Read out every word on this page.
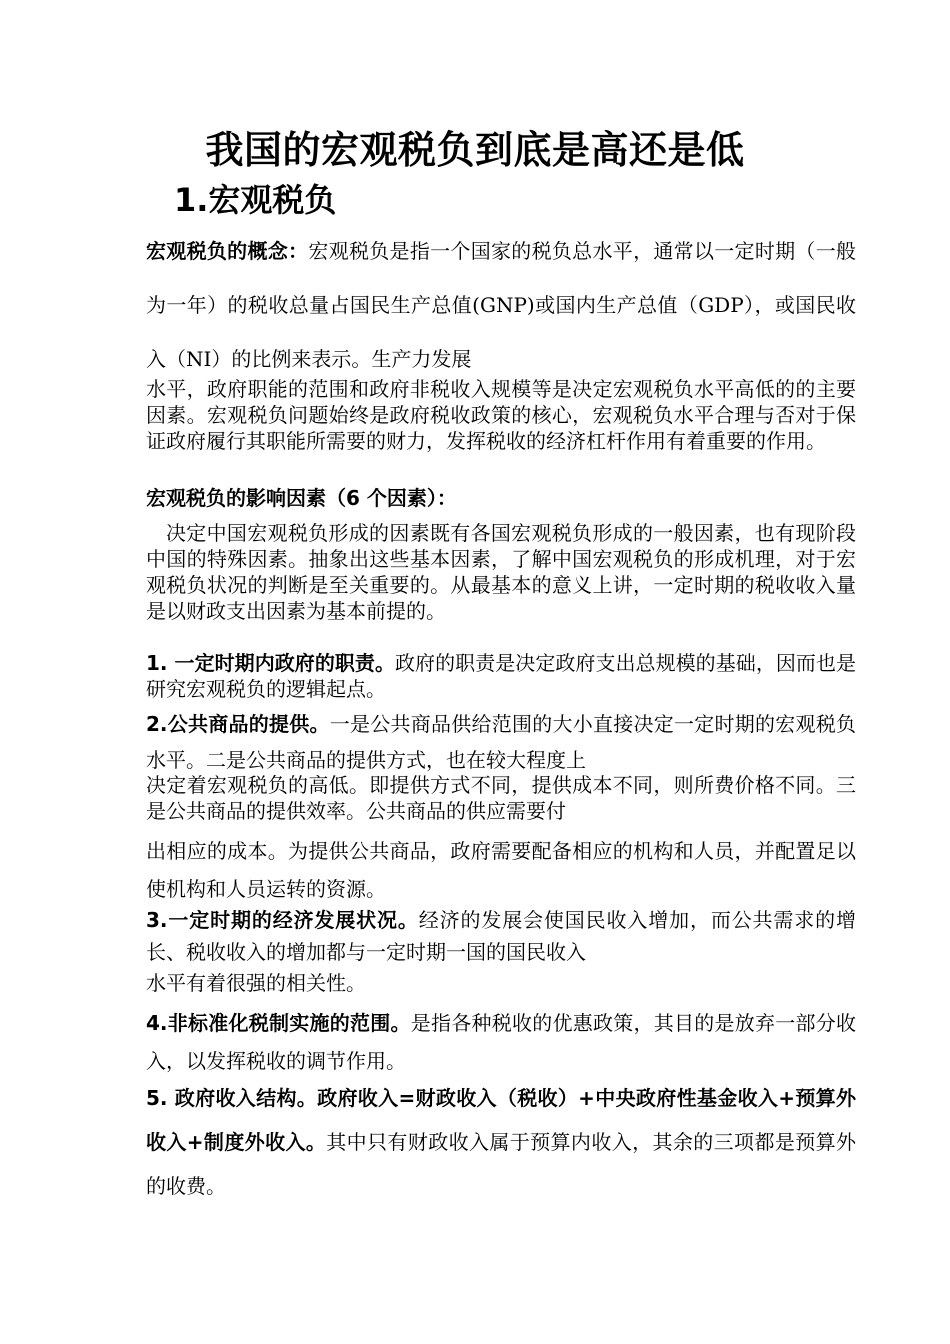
我国的宏观税负到底是高还是低
1.宏观税负

宏观税负的概念：宏观税负是指一个国家的税负总水平，通常以一定时期（一般为一年）的税收总量占国民生产总值(GNP)或国内生产总值（GDP），或国民收入（NI）的比例来表示。生产力发展

水平，政府职能的范围和政府非税收入规模等是决定宏观税负水平高低的的主要因素。宏观税负问题始终是政府税收政策的核心，宏观税负水平合理与否对于保证政府履行其职能所需要的财力，发挥税收的经济杠杆作用有着重要的作用。

宏观税负的影响因素（6 个因素）：

决定中国宏观税负形成的因素既有各国宏观税负形成的一般因素，也有现阶段中国的特殊因素。抽象出这些基本因素，了解中国宏观税负的形成机理，对于宏观税负状况的判断是至关重要的。从最基本的意义上讲，一定时期的税收收入量是以财政支出因素为基本前提的。

1. 一定时期内政府的职责。政府的职责是决定政府支出总规模的基础，因而也是研究宏观税负的逻辑起点。

2.公共商品的提供。一是公共商品供给范围的大小直接决定一定时期的宏观税负水平。二是公共商品的提供方式，也在较大程度上

决定着宏观税负的高低。即提供方式不同，提供成本不同，则所费价格不同。三是公共商品的提供效率。公共商品的供应需要付

出相应的成本。为提供公共商品，政府需要配备相应的机构和人员，并配置足以使机构和人员运转的资源。

3.一定时期的经济发展状况。经济的发展会使国民收入增加，而公共需求的增长、税收收入的增加都与一定时期一国的国民收入

水平有着很强的相关性。

4.非标准化税制实施的范围。是指各种税收的优惠政策，其目的是放弃一部分收入，以发挥税收的调节作用。

5. 政府收入结构。政府收入=财政收入（税收）+中央政府性基金收入+预算外收入+制度外收入。其中只有财政收入属于预算内收入，其余的三项都是预算外的收费。
